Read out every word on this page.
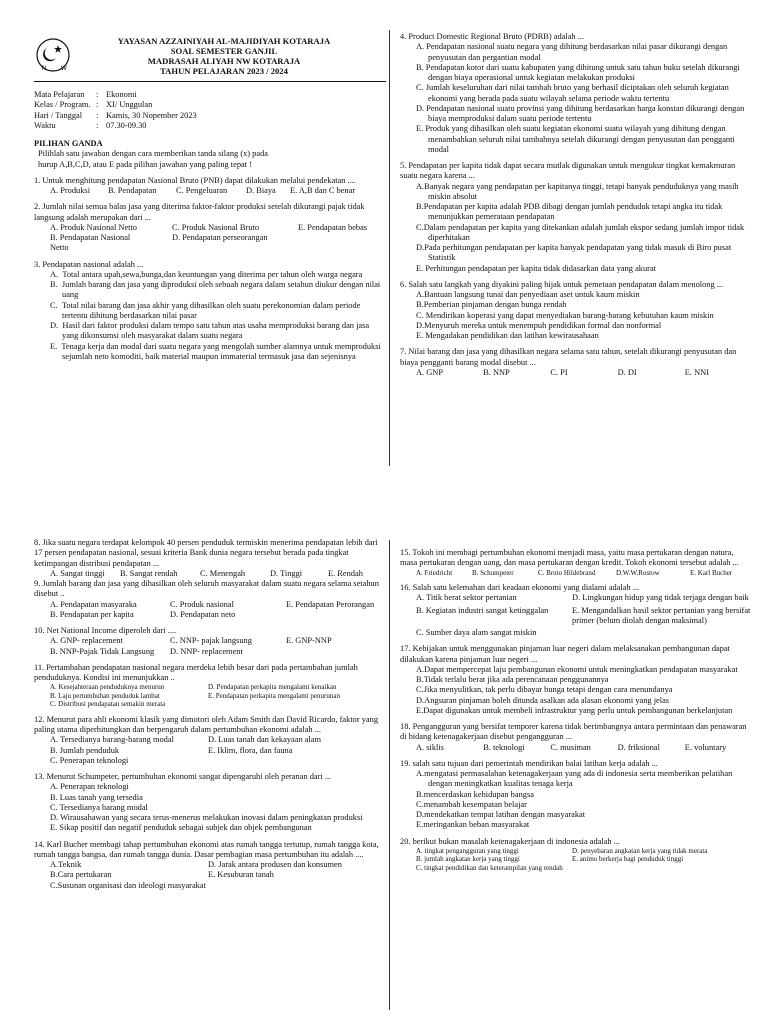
N W
YAYASAN AZZAINIYAH AL-MAJIDIYAH KOTARAJA
SOAL SEMESTER GANJIL
MADRASAH ALIYAH NW KOTARAJA
TAHUN PELAJARAN 2023 / 2024
Mata Pelajaran	: Ekonomi
Kelas / Program. : XI/ Unggulan
Hari / Tanggal	: Kamis, 30 Nopember 2023
Waktu	: 07.30-09.30
PILIHAN GANDA
Pilihlah satu jawaban dengan cara memberikan tanda silang (x) pada
hurup A,B,C,D, atau E pada pilihan jawaban yang paling tepat !
1. Untuk menghitung pendapatan Nasional Bruto (PNB) dapat dilakukan melalui pendekatan ....
A. Produksi	B. Pendapatan	C. Pengeluaran	D. Biaya	E. A,B dan C benar
2. Jumlah nilai semua balas jasa yang diterima faktor-faktor produksi setelah dikurangi pajak tidak langsung adalah merupakan dari ...
A. Produk Nasional Netto	C. Produk Nasional Bruto	E. Pendapatan bebas
B. Pendapatan Nasional	D. Pendapatan perseorangan
Netto
3. Pendapatan nasional adalah ...
A.  Total antara upah,sewa,bunga,dan keuntungan yang diterima per tahun oleh warga negara
B.  Jumlah barang dan jasa yang diproduksi oleh sebuah negara dalam setahun diukur dengan nilai uang
C.  Total nilai barang dan jasa akhir yang dihasilkan oleh suatu perekonomian dalam periode tertentu dihitung berdasarkan nilai pasar
D.  Hasil dari faktor produksi dalam tempo satu tahun atas usaha memproduksi barang dan jasa yang dikonsumsi oleh masyarakat dalam suatu negara
E.  Tenaga kerja dan modal dari suatu negara yang mengolah sumber alamnya untuk memproduksi sejumlah neto komoditi, baik material maupun immaterial termasuk jasa dan sejenisnya
4. Product Domestic Regional Bruto (PDRB) adalah ...
A. Pendapatan nasional suatu negara yang dihitung berdasarkan nilai pasar dikurangi dengan penyusutan dan pergantian modal
B. Pendapatan kotor dari suatu kabupaten yang dihitung untuk satu tahun buku setelah dikurangi dengan biaya operasional untuk kegiatan melakukan produksi
C. Jumlah keseluruhan dari nilai tambah bruto yang berhasil diciptakan oleh seluruh kegiatan ekonomi yang berada pada suatu wilayah selama periode waktu tertentu
D. Pendapatan nasional suatu provinsi yang dihitung berdasarkan harga konstan dikurangi dengan biaya memproduksi dalam suatu periode tertentu
E. Produk yang dihasilkan oleh suatu kegiatan ekonomi suatu wilayah yang dihitung dengan menambahkan seluruh nilai tambahnya setelah dikurangi dengan penyusutan dan pengganti modal
5. Pendapatan per kapita tidak dapat secara mutlak digunakan untuk mengukur tingkat kemakmuran suatu negara karena ...
A.Banyak negara yang pendapatan per kapitanya tinggi, tetapi banyak penduduknya yang masih miskin absolut
B.Pendapatan per kapita adalah PDB dibagi dengan jumlah penduduk tetapi angka itu tidak menunjukkan pemerataan pendapatan
C.Dalam pendapatan per kapita yang ditekankan adalah jumlah ekspor sedang jumlah impor tidak diperhitakan
D.Pada perhitungan pendapatan per kapita banyak pendapatan yang tidak masuk di Biro pusat Statistik
E. Perhitungan pendapatan per kapita tidak didasarkan data yang akurat
6. Salah satu langkah yang diyakini paling bijak untuk pemetaan pendapatan dalam menolong ...
A.Bantuan langsung tunai dan penyediaan aset untuk kaum miskin
B.Pemberian pinjaman dengan bunga rendah
C. Mendirikan koperasi yang dapat menyediakan barang-barang kebutuhan kaum miskin
D.Menyuruh mereka untuk menempuh pendidikan formal dan nonformal
E. Mengadakan pendidikan dan latihan kewirausahaan
7. Nilai barang dan jasa yang dihasilkan negara selama satu tahun, setelah dikurangi penyusutan dan biaya pengganti barang modal disebut ...
A. GNP	B. NNP	C. PI	D. DI	E. NNI
8. Jika suatu negara terdapat kelompok 40 persen penduduk termiskin menerima pendapatan lebih dari 17 persen pendapatan nasional, sesuai kriteria Bank dunia negara tersebut berada pada tingkat ketimpangan distribusi pendapatan ...
A. Sangat tinggi	B. Sangat rendah	C. Menengah	D. Tinggi	E. Rendah
9. Jumlah barang dan jasa yang dihasilkan oleh seluruh masyarakat dalam suatu negara selama setahun disebut ..
A. Pendapatan masyaraka	C. Produk nasional	E. Pendapatan Perorangan
B. Pendapatan per kapita	D. Pendapatan neto
10. Net National Income diperoleh dari ....
A. GNP- replacement	C. NNP- pajak langsung	E. GNP-NNP
B. NNP-Pajak Tidak Langsung	D. NNP- replacement
11. Pertambahan pendapatan nasional negara merdeka lebih besar dari pada pertambahan jumlah penduduknya. Kondisi ini menunjukkan ..
A. Kesejahteraan penduduknya menurun	D. Pendapatan perkapita mengalami kenaikan
B. Laju pertumbuhan penduduk lambat	E. Pendapatan perkapita mengalami penurunan
C. Distribusi pendapatan semakin merata
12. Menurut para ahli ekonomi klasik yang dimotori oleh Adam Smith dan David Ricardo, faktor yang paling utama diperhitungkan dan berpengaruh dalam pertumbuhan ekonomi adalah ...
A. Tersedianya barang-barang modal	D. Luas tanah dan kekayaan alam
B. Jumlah penduduk	E. Iklim, flora, dan fauna
C. Penerapan teknologi
13. Menurut Schumpeter, pertumbuhan ekonomi sangat dipengaruhi oleh peranan dari ...
A. Penerapan teknologi
B. Luas tanah yang tersedia
C. Tersedianya barang modal
D. Wirausahawan yang secara terus-menerus melakukan inovasi dalam peningkatan produksi
E. Sikap positif dan negatif penduduk sebagai subjek dan objek pembangunan
14. Karl Bucher membagi tahap pertumbuhan ekonomi atas rumah tangga tertutup, rumah tangga kota, rumah tangga bangsa, dan rumah tangga dunia. Dasar pembagian masa pertumbuhan itu adalah ....
A.Teknik	D. Jarak antara produsen dan konsumen
B.Cara pertukaran	E. Kesuburan tanah
C.Susunan organisasi dan ideologi masyarakat
15. Tokoh ini membagi pertumbuhan ekonomi menjadi masa, yaitu masa pertukaran dengan natura, masa pertukaran dengan uang, dan masa pertukaran dengan kredit. Tokoh ekonomi tersebut adalah ...
A. Friedricht	B. Schumpeter	C. Bruto Hildebrand	D.W.W.Rostow	E. Karl Bucher
16. Salah satu kelemahan dari keadaan ekonomi yang dialami adalah ...
A. Titik berat sektor pertanian	D. Lingkungan hidup yang tidak terjaga dengan baik
B. Kegiatan industri sangat ketinggalan	E. Mengandalkan hasil sektor pertanian yang bersifat primer (belum diolah dengan maksimal)
C. Sumber daya alam sangat miskin
17. Kebijakan untuk menggunakan pinjaman luar negeri dalam melaksanakan pembangunan dapat dilakukan karena pinjaman luar negeri ...
A.Dapat mempercepat laju pembangunan ekonomi untuk meningkatkan pendapatan masyarakat
B.Tidak terlalu berat jika ada perencanaan penggunannya
C.Jika menyulitkan, tak perlu dibayar bunga tetapi dengan cara menundanya
D.Angsuran pinjaman boleh ditunda asalkan ada alasan ekonomi yang jelas
E.Dapat digunakan untuk membeli infrastruktur yang perlu untuk pembangunan berkelanjutan
18. Pengangguran yang bersifat temporer karena tidak berimbangnya antara permintaan dan penawaran di bidang ketenagakerjaan disebut pengangguran ...
A. siklis	B. teknologi	C. musiman	D. friksional	E. voluntary
19. salah satu tujuan dari pemerintah mendirikan balai latihan kerja adalah ...
A.mengatasi permasalahan ketenagakerjaan yang ada di indonesia serta memberikan pelatihan dengan meningkatkan kualitas tenaga kerja
B.mencerdaskan kehidupan bangsa
C.menambah kesempatan belajar
D.mendekatkan tempat latihan dengan masyarakat
E.meringankan beban masyarakat
20. berikut bukan masalah ketenagakerjaan di indonesia adalah ...
A. tingkat pengangguran yang tinggi	D. penyebaran angkatan kerja yang tidak merata
B. jumlah angkatan kerja yang tinggi	E. animo berkerja bagi penduduk tinggi
C. tingkat pendidikan dan keterampilan yang rendah
